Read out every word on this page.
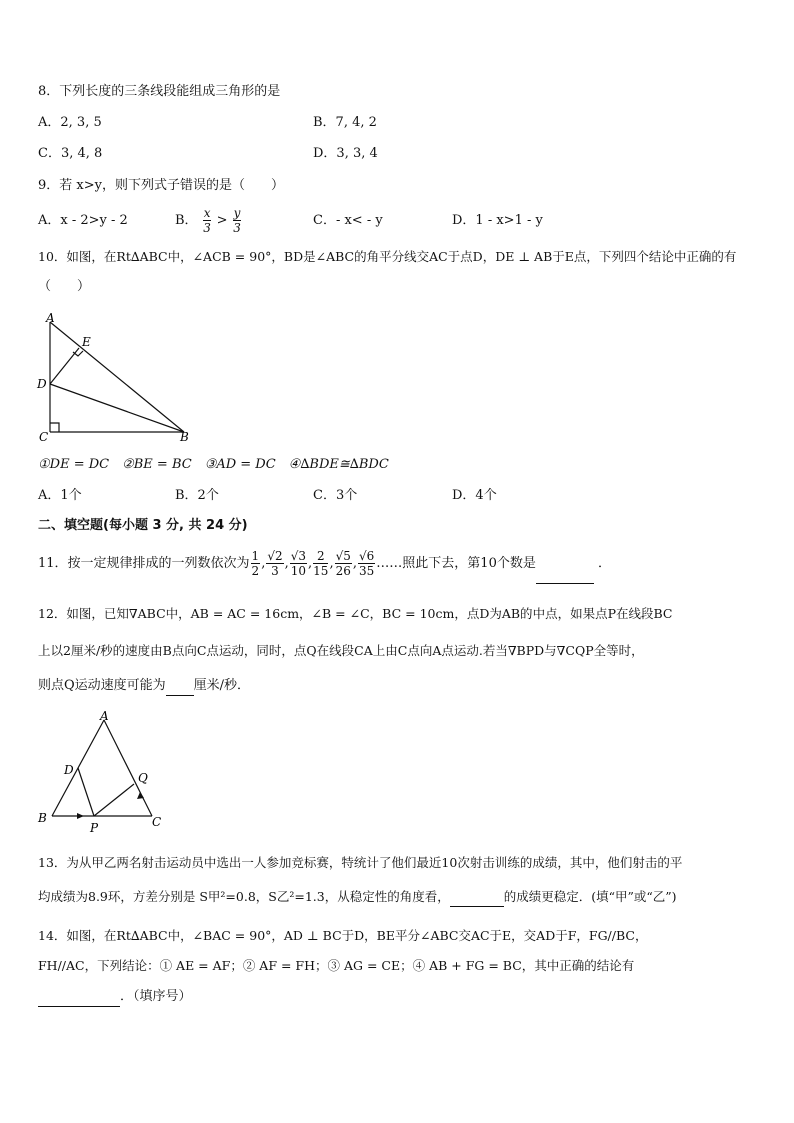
8．下列长度的三条线段能组成三角形的是
A．2, 3, 5	B．7, 4, 2
C．3, 4, 8	D．3, 3, 4
9．若 x>y，则下列式子错误的是（　　）
A．x - 2>y - 2	B． $\frac{x}{3} > \frac{y}{3}$	C．- x< - y	D．1 - x>1 - y
10．如图，在Rt∆ABC中，∠ACB = 90°，BD是∠ABC的角平分线交AC于点D，DE ⊥ AB于E点，下列四个结论中正确的有
（　　）
A
E
D
C	B
①DE = DC　②BE = BC　③AD = DC　④∆BDE≅∆BDC
A．1个	B．2个	C．3个	D．4个
二、填空题(每小题 3 分, 共 24 分)
11．按一定规律排成的一列数依次为 $\frac{1}{2}$ , $\frac{√2}{3}$ , $\frac{√3}{10}$ , $\frac{2}{15}$ , $\frac{√5}{26}$ , $\frac{√6}{35}$ ……照此下去，第10个数是	．
12．如图，已知∇ABC中，AB = AC = 16cm，∠B = ∠C，BC = 10cm，点D为AB的中点，如果点P在线段BC
上以2厘米/秒的速度由B点向C点运动，同时，点Q在线段CA上由C点向A点运动.若当∇BPD与∇CQP全等时，
则点Q运动速度可能为 厘米/秒．
A
D
Q
B
P	C
13．为从甲乙两名射击运动员中选出一人参加竞标赛，特统计了他们最近10次射击训练的成绩，其中，他们射击的平
均成绩为8.9环，方差分别是 S甲²=0.8，S乙²=1.3，从稳定性的角度看，	的成绩更稳定．(填“甲”或“乙”)
14．如图，在Rt∆ABC中，∠BAC = 90°，AD ⊥ BC于D，BE平分∠ABC交AC于E，交AD于F，FG//BC，
FH//AC，下列结论：① AE = AF；② AF = FH；③ AG = CE；④ AB + FG = BC，其中正确的结论有
．（填序号）
